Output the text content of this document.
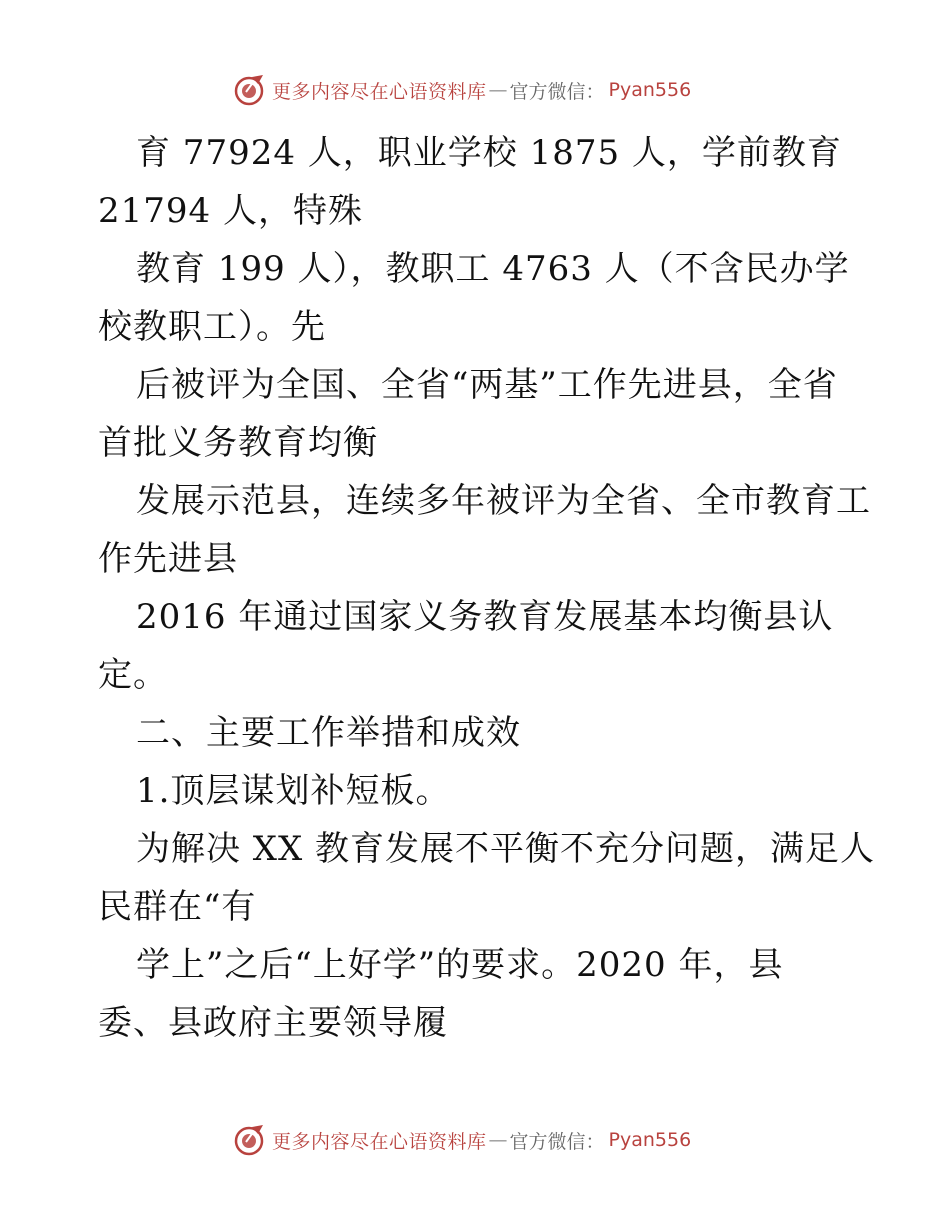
更多内容尽在心语资料库 — 官方微信： Pyan556
育 77924 人，职业学校 1875 人，学前教育
21794 人，特殊
教育 199 人），教职工 4763 人（不含民办学
校教职工）。先
后被评为全国、全省“两基”工作先进县，全省
首批义务教育均衡
发展示范县，连续多年被评为全省、全市教育工
作先进县
2016 年通过国家义务教育发展基本均衡县认
定。
二、主要工作举措和成效
1.顶层谋划补短板。
为解决 XX 教育发展不平衡不充分问题，满足人
民群在“有
学上”之后“上好学”的要求。2020 年，县
委、县政府主要领导履
更多内容尽在心语资料库 — 官方微信： Pyan556
